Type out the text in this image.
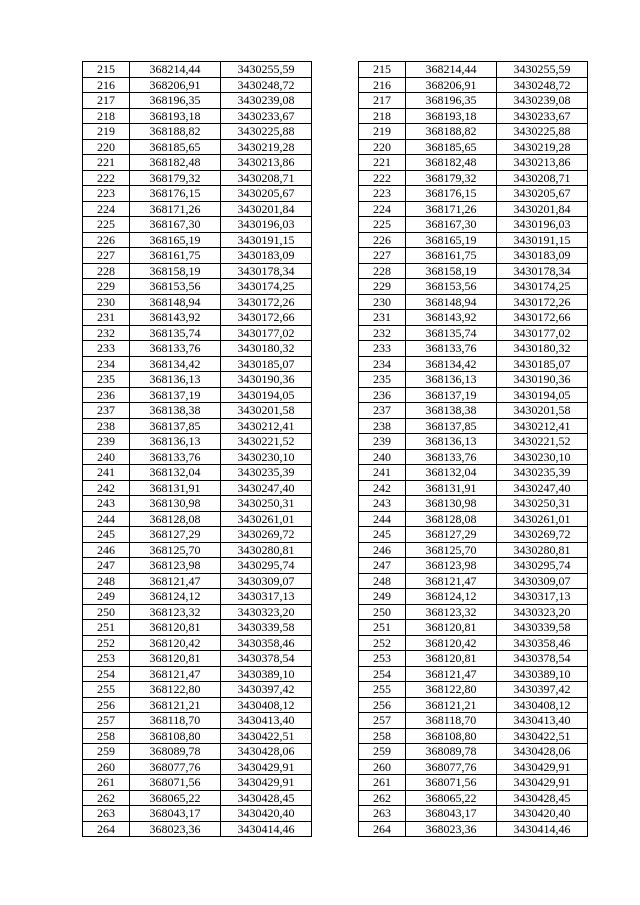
215	368214,44	3430255,59		215	368214,44	3430255,59
216	368206,91	3430248,72		216	368206,91	3430248,72
217	368196,35	3430239,08		217	368196,35	3430239,08
218	368193,18	3430233,67		218	368193,18	3430233,67
219	368188,82	3430225,88		219	368188,82	3430225,88
220	368185,65	3430219,28		220	368185,65	3430219,28
221	368182,48	3430213,86		221	368182,48	3430213,86
222	368179,32	3430208,71		222	368179,32	3430208,71
223	368176,15	3430205,67		223	368176,15	3430205,67
224	368171,26	3430201,84		224	368171,26	3430201,84
225	368167,30	3430196,03		225	368167,30	3430196,03
226	368165,19	3430191,15		226	368165,19	3430191,15
227	368161,75	3430183,09		227	368161,75	3430183,09
228	368158,19	3430178,34		228	368158,19	3430178,34
229	368153,56	3430174,25		229	368153,56	3430174,25
230	368148,94	3430172,26		230	368148,94	3430172,26
231	368143,92	3430172,66		231	368143,92	3430172,66
232	368135,74	3430177,02		232	368135,74	3430177,02
233	368133,76	3430180,32		233	368133,76	3430180,32
234	368134,42	3430185,07		234	368134,42	3430185,07
235	368136,13	3430190,36		235	368136,13	3430190,36
236	368137,19	3430194,05		236	368137,19	3430194,05
237	368138,38	3430201,58		237	368138,38	3430201,58
238	368137,85	3430212,41		238	368137,85	3430212,41
239	368136,13	3430221,52		239	368136,13	3430221,52
240	368133,76	3430230,10		240	368133,76	3430230,10
241	368132,04	3430235,39		241	368132,04	3430235,39
242	368131,91	3430247,40		242	368131,91	3430247,40
243	368130,98	3430250,31		243	368130,98	3430250,31
244	368128,08	3430261,01		244	368128,08	3430261,01
245	368127,29	3430269,72		245	368127,29	3430269,72
246	368125,70	3430280,81		246	368125,70	3430280,81
247	368123,98	3430295,74		247	368123,98	3430295,74
248	368121,47	3430309,07		248	368121,47	3430309,07
249	368124,12	3430317,13		249	368124,12	3430317,13
250	368123,32	3430323,20		250	368123,32	3430323,20
251	368120,81	3430339,58		251	368120,81	3430339,58
252	368120,42	3430358,46		252	368120,42	3430358,46
253	368120,81	3430378,54		253	368120,81	3430378,54
254	368121,47	3430389,10		254	368121,47	3430389,10
255	368122,80	3430397,42		255	368122,80	3430397,42
256	368121,21	3430408,12		256	368121,21	3430408,12
257	368118,70	3430413,40		257	368118,70	3430413,40
258	368108,80	3430422,51		258	368108,80	3430422,51
259	368089,78	3430428,06		259	368089,78	3430428,06
260	368077,76	3430429,91		260	368077,76	3430429,91
261	368071,56	3430429,91		261	368071,56	3430429,91
262	368065,22	3430428,45		262	368065,22	3430428,45
263	368043,17	3430420,40		263	368043,17	3430420,40
264	368023,36	3430414,46		264	368023,36	3430414,46
